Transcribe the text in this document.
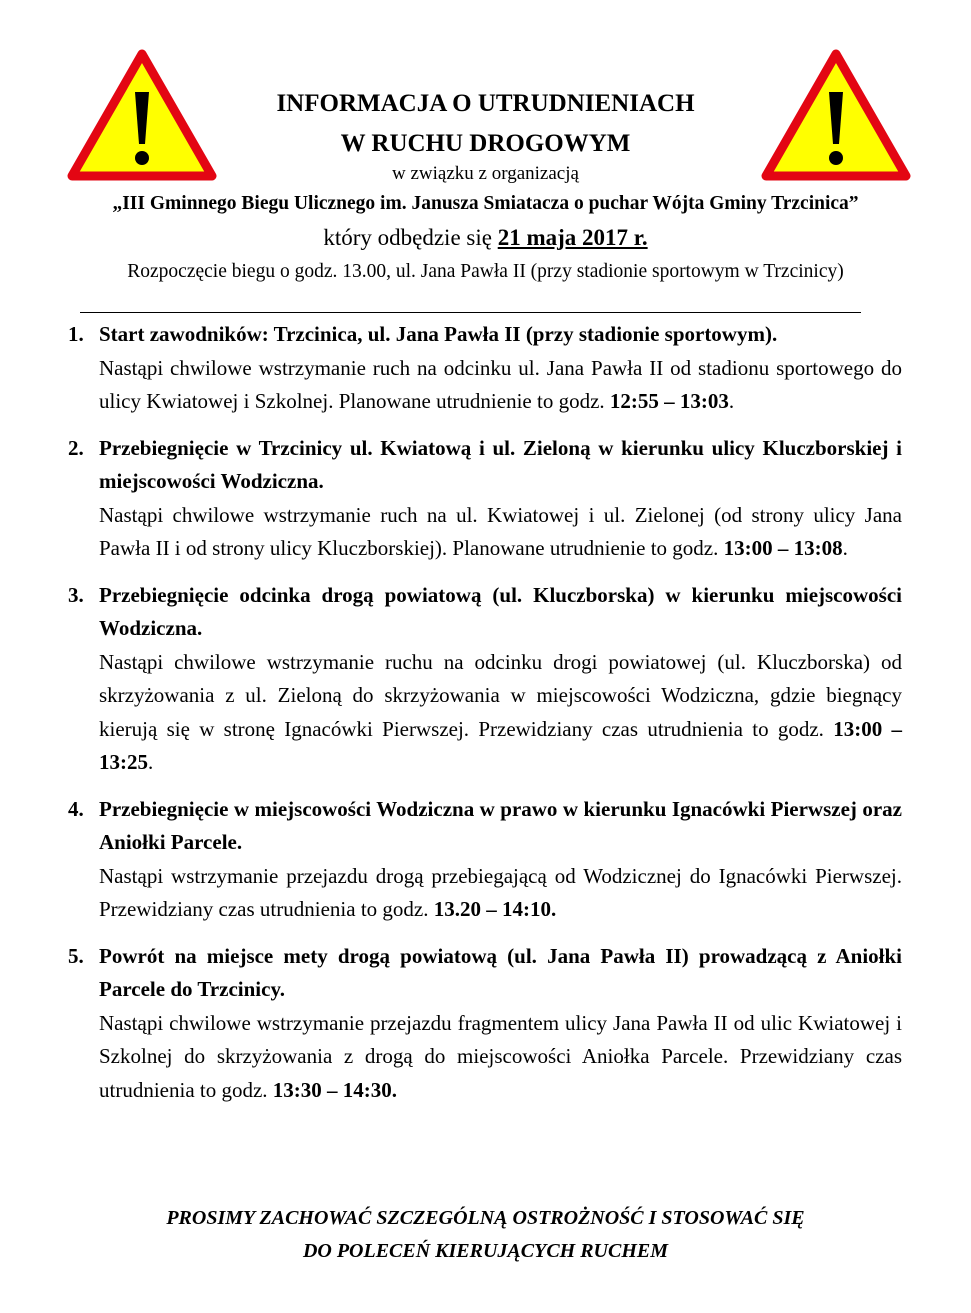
INFORMACJA O UTRUDNIENIACH
W RUCHU DROGOWYM
w związku z organizacją
„III Gminnego Biegu Ulicznego im. Janusza Smiatacza o puchar Wójta Gminy Trzcinica”
który odbędzie się 21 maja 2017 r.
Rozpoczęcie biegu o godz. 13.00, ul. Jana Pawła II (przy stadionie sportowym w Trzcinicy)
1. Start zawodników: Trzcinica, ul. Jana Pawła II (przy stadionie sportowym).
Nastąpi chwilowe wstrzymanie ruch na odcinku ul. Jana Pawła II od stadionu sportowego do ulicy Kwiatowej i Szkolnej. Planowane utrudnienie to godz. 12:55 – 13:03.
2. Przebiegnięcie w Trzcinicy ul. Kwiatową i ul. Zieloną w kierunku ulicy Kluczborskiej i miejscowości Wodziczna.
Nastąpi chwilowe wstrzymanie ruch na ul. Kwiatowej i ul. Zielonej (od strony ulicy Jana Pawła II i od strony ulicy Kluczborskiej). Planowane utrudnienie to godz. 13:00 – 13:08.
3. Przebiegnięcie odcinka drogą powiatową (ul. Kluczborska) w kierunku miejscowości Wodziczna.
Nastąpi chwilowe wstrzymanie ruchu na odcinku drogi powiatowej (ul. Kluczborska) od skrzyżowania z ul. Zieloną do skrzyżowania w miejscowości Wodziczna, gdzie biegnący kierują się w stronę Ignacówki Pierwszej. Przewidziany czas utrudnienia to godz. 13:00 – 13:25.
4. Przebiegnięcie w miejscowości Wodziczna w prawo w kierunku Ignacówki Pierwszej oraz Aniołki Parcele.
Nastąpi wstrzymanie przejazdu drogą przebiegającą od Wodzicznej do Ignacówki Pierwszej. Przewidziany czas utrudnienia to godz. 13.20 – 14:10.
5. Powrót na miejsce mety drogą powiatową (ul. Jana Pawła II) prowadzącą z Aniołki Parcele do Trzcinicy.
Nastąpi chwilowe wstrzymanie przejazdu fragmentem ulicy Jana Pawła II od ulic Kwiatowej i Szkolnej do skrzyżowania z drogą do miejscowości Aniołka Parcele. Przewidziany czas utrudnienia to godz. 13:30 – 14:30.
PROSIMY ZACHOWAĆ SZCZEGÓLNĄ OSTROŻNOŚĆ I STOSOWAĆ SIĘ
DO POLECEŃ KIERUJĄCYCH RUCHEM
